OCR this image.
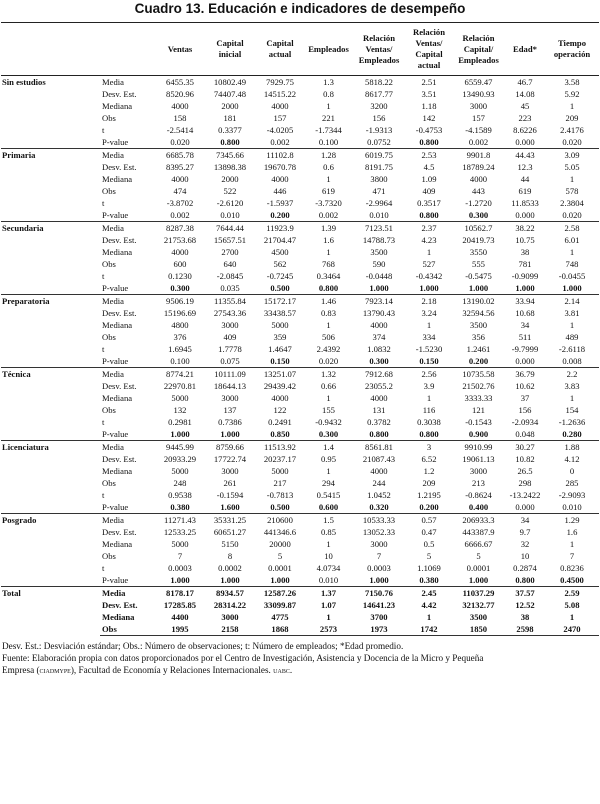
Cuadro 13. Educación e indicadores de desempeño
		Ventas	Capital inicial	Capital actual	Empleados	Relación Ventas/ Empleados	Relación Ventas/ Capital actual	Relación Capital/ Empleados	Edad*	Tiempo operación
Sin estudios	Media	6455.35	10802.49	7929.75	1.3	5818.22	2.51	6559.47	46.7	3.58
	Desv. Est.	8520.96	74407.48	14515.22	0.8	8617.77	3.51	13490.93	14.08	5.92
	Mediana	4000	2000	4000	1	3200	1.18	3000	45	1
	Obs	158	181	157	221	156	142	157	223	209
	t	-2.5414	0.3377	-4.0205	-1.7344	-1.9313	-0.4753	-4.1589	8.6226	2.4176
	P-value	0.020	0.800	0.002	0.100	0.0752	0.800	0.002	0.000	0.020
Primaria	Media	6685.78	7345.66	11102.8	1.28	6019.75	2.53	9901.8	44.43	3.09
	Desv. Est.	8395.27	13898.38	19670.78	0.6	8191.75	4.5	18789.24	12.3	5.05
	Mediana	4000	2000	4000	1	3800	1.09	4000	44	1
	Obs	474	522	446	619	471	409	443	619	578
	t	-3.8702	-2.6120	-1.5937	-3.7320	-2.9964	0.3517	-1.2720	11.8533	2.3804
	P-value	0.002	0.010	0.200	0.002	0.010	0.800	0.300	0.000	0.020
Secundaria	Media	8287.38	7644.44	11923.9	1.39	7123.51	2.37	10562.7	38.22	2.58
	Desv. Est.	21753.68	15657.51	21704.47	1.6	14788.73	4.23	20419.73	10.75	6.01
	Mediana	4000	2700	4500	1	3500	1	3550	38	1
	Obs	600	640	562	768	590	527	555	781	748
	t	0.1230	-2.0845	-0.7245	0.3464	-0.0448	-0.4342	-0.5475	-0.9099	-0.0455
	P-value	0.300	0.035	0.500	0.800	1.000	1.000	1.000	1.000	1.000
Preparatoria	Media	9506.19	11355.84	15172.17	1.46	7923.14	2.18	13190.02	33.94	2.14
	Desv. Est.	15196.69	27543.36	33438.57	0.83	13790.43	3.24	32594.56	10.68	3.81
	Mediana	4800	3000	5000	1	4000	1	3500	34	1
	Obs	376	409	359	506	374	334	356	511	489
	t	1.6945	1.7778	1.4647	2.4392	1.0832	-1.5230	1.2461	-9.7999	-2.6118
	P-value	0.100	0.075	0.150	0.020	0.300	0.150	0.200	0.000	0.008
Técnica	Media	8774.21	10111.09	13251.07	1.32	7912.68	2.56	10735.58	36.79	2.2
	Desv. Est.	22970.81	18644.13	29439.42	0.66	23055.2	3.9	21502.76	10.62	3.83
	Mediana	5000	3000	4000	1	4000	1	3333.33	37	1
	Obs	132	137	122	155	131	116	121	156	154
	t	0.2981	0.7386	0.2491	-0.9432	0.3782	0.3038	-0.1543	-2.0934	-1.2636
	P-value	1.000	1.000	0.850	0.300	0.800	0.800	0.900	0.048	0.280
Licenciatura	Media	9445.99	8759.66	11513.92	1.4	8561.81	3	9910.99	30.27	1.88
	Desv. Est.	20933.29	17722.74	20237.17	0.95	21087.43	6.52	19061.13	10.82	4.12
	Mediana	5000	3000	5000	1	4000	1.2	3000	26.5	0
	Obs	248	261	217	294	244	209	213	298	285
	t	0.9538	-0.1594	-0.7813	0.5415	1.0452	1.2195	-0.8624	-13.2422	-2.9093
	P-value	0.380	1.600	0.500	0.600	0.320	0.200	0.400	0.000	0.010
Posgrado	Media	11271.43	35331.25	210600	1.5	10533.33	0.57	206933.3	34	1.29
	Desv. Est.	12533.25	60651.27	441346.6	0.85	13052.33	0.47	443387.9	9.7	1.6
	Mediana	5000	5150	20000	1	3000	0.5	6666.67	32	1
	Obs	7	8	5	10	7	5	5	10	7
	t	0.0003	0.0002	0.0001	4.0734	0.0003	1.1069	0.0001	0.2874	0.8236
	P-value	1.000	1.000	1.000	0.010	1.000	0.380	1.000	0.800	0.4500
Total	Media	8178.17	8934.57	12587.26	1.37	7150.76	2.45	11037.29	37.57	2.59
	Desv. Est.	17285.85	28314.22	33099.87	1.07	14641.23	4.42	32132.77	12.52	5.08
	Mediana	4400	3000	4775	1	3700	1	3500	38	1
	Obs	1995	2158	1868	2573	1973	1742	1850	2598	2470
Desv. Est.: Desviación estándar; Obs.: Número de observaciones; t: Número de empleados; *Edad promedio.
Fuente: Elaboración propia con datos proporcionados por el Centro de Investigación, Asistencia y Docencia de la Micro y Pequeña
Empresa (ciadmype), Facultad de Economía y Relaciones Internacionales. uabc.
